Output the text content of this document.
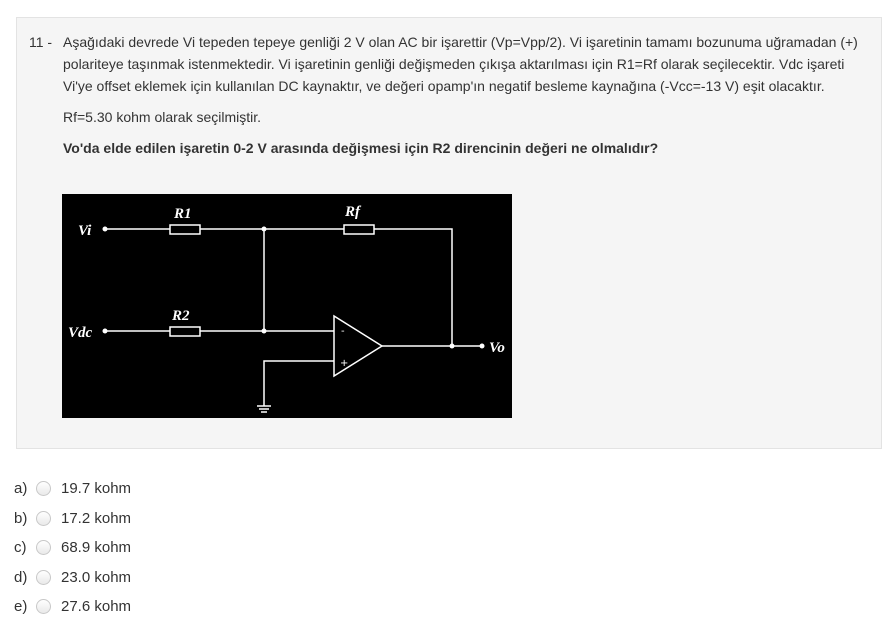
11 - Aşağıdaki devrede Vi tepeden tepeye genliği 2 V olan AC bir işarettir (Vp=Vpp/2). Vi işaretinin tamamı bozunuma uğramadan (+) polariteye taşınmak istenmektedir. Vi işaretinin genliği değişmeden çıkışa aktarılması için R1=Rf olarak seçilecektir. Vdc işareti Vi'ye offset eklemek için kullanılan DC kaynaktır, ve değeri opamp'ın negatif besleme kaynağına (-Vcc=-13 V) eşit olacaktır.

Rf=5.30 kohm olarak seçilmiştir.

Vo'da elde edilen işaretin 0-2 V arasında değişmesi için R2 direncinin değeri ne olmalıdır?

Vi
Vdc
R1
R2
Rf
Vo
-
+
a)	19.7 kohm
b)	17.2 kohm
c)	68.9 kohm
d)	23.0 kohm
e)	27.6 kohm
